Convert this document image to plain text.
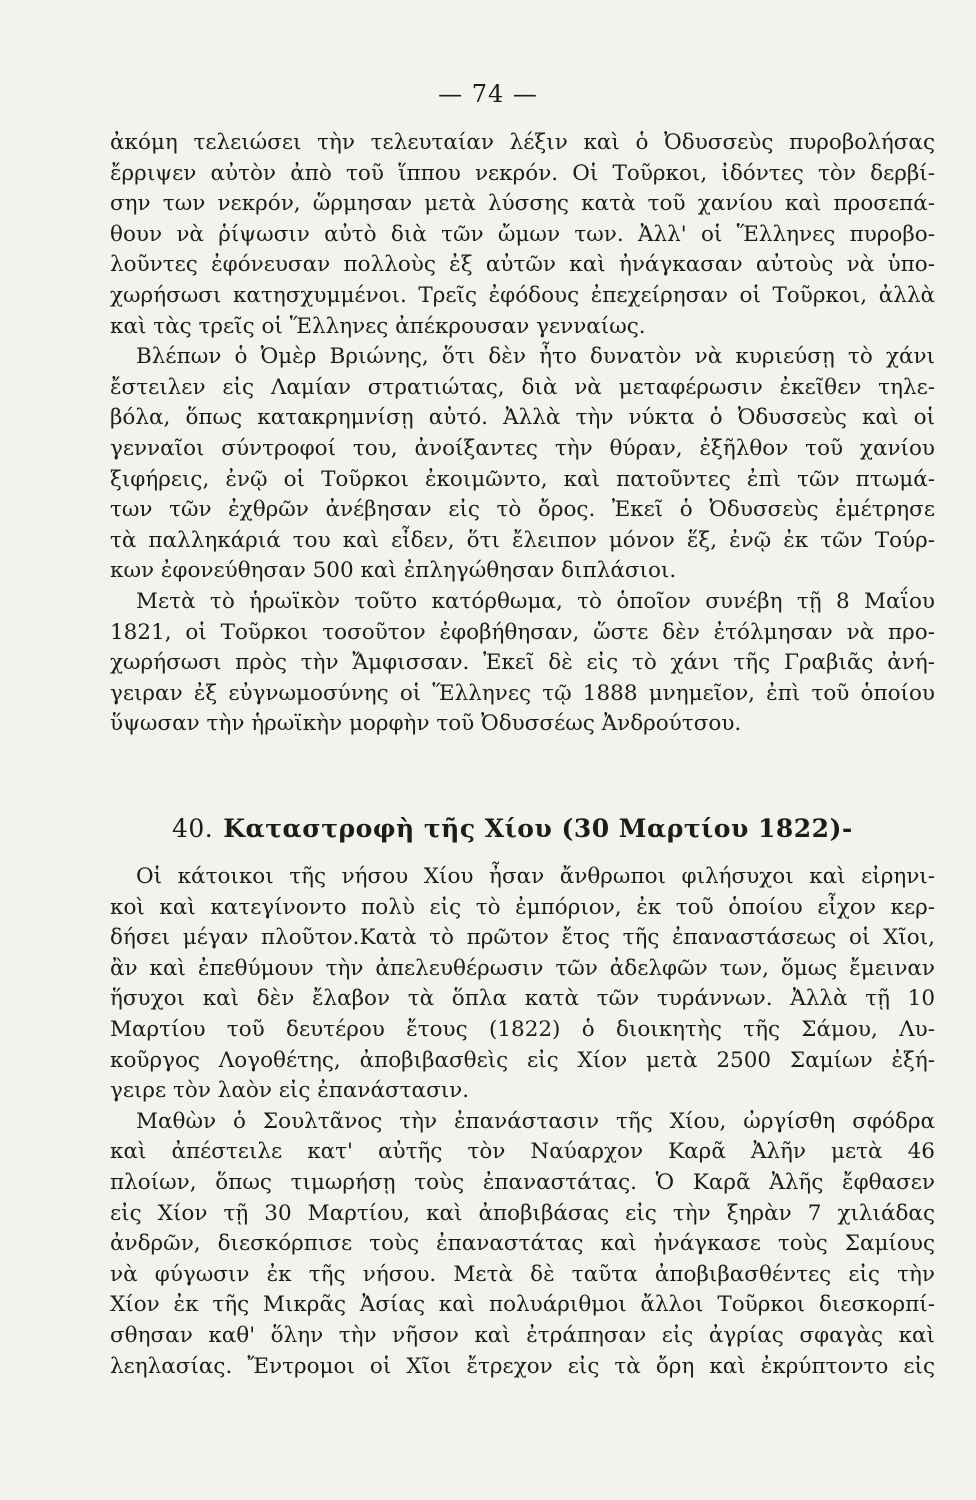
— 74 —
ἀκόμη τελειώσει τὴν τελευταίαν λέξιν καὶ ὁ Ὀδυσσεὺς πυροβολήσας
ἔρριψεν αὐτὸν ἀπὸ τοῦ ἵππου νεκρόν. Οἱ Τοῦρκοι, ἰδόντες τὸν δερβί-
σην των νεκρόν, ὥρμησαν μετὰ λύσσης κατὰ τοῦ χανίου καὶ προσεπά-
θουν νὰ ῥίψωσιν αὐτὸ διὰ τῶν ὤμων των. Ἀλλ' οἱ Ἕλληνες πυροβο-
λοῦντες ἐφόνευσαν πολλοὺς ἐξ αὐτῶν καὶ ἠνάγκασαν αὐτοὺς νὰ ὑπο-
χωρήσωσι κατησχυμμένοι. Τρεῖς ἐφόδους ἐπεχείρησαν οἱ Τοῦρκοι, ἀλλὰ
καὶ τὰς τρεῖς οἱ Ἕλληνες ἀπέκρουσαν γενναίως.
Βλέπων ὁ Ὀμὲρ Βριώνης, ὅτι δὲν ἦτο δυνατὸν νὰ κυριεύσῃ τὸ χάνι
ἔστειλεν εἰς Λαμίαν στρατιώτας, διὰ νὰ μεταφέρωσιν ἐκεῖθεν τηλε-
βόλα, ὅπως κατακρημνίσῃ αὐτό. Ἀλλὰ τὴν νύκτα ὁ Ὀδυσσεὺς καὶ οἱ
γενναῖοι σύντροφοί του, ἀνοίξαντες τὴν θύραν, ἐξῆλθον τοῦ χανίου
ξιφήρεις, ἐνῷ οἱ Τοῦρκοι ἐκοιμῶντο, καὶ πατοῦντες ἐπὶ τῶν πτωμά-
των τῶν ἐχθρῶν ἀνέβησαν εἰς τὸ ὄρος. Ἐκεῖ ὁ Ὀδυσσεὺς ἐμέτρησε
τὰ παλληκάριά του καὶ εἶδεν, ὅτι ἔλειπον μόνον ἕξ, ἐνῷ ἐκ τῶν Τούρ-
κων ἐφονεύθησαν 500 καὶ ἐπληγώθησαν διπλάσιοι.
Μετὰ τὸ ἡρωϊκὸν τοῦτο κατόρθωμα, τὸ ὁποῖον συνέβη τῇ 8 Μαΐου
1821, οἱ Τοῦρκοι τοσοῦτον ἐφοβήθησαν, ὥστε δὲν ἐτόλμησαν νὰ προ-
χωρήσωσι πρὸς τὴν Ἄμφισσαν. Ἐκεῖ δὲ εἰς τὸ χάνι τῆς Γραβιᾶς ἀνή-
γειραν ἐξ εὐγνωμοσύνης οἱ Ἕλληνες τῷ 1888 μνημεῖον, ἐπὶ τοῦ ὁποίου
ὕψωσαν τὴν ἡρωϊκὴν μορφὴν τοῦ Ὀδυσσέως Ἀνδρούτσου.
40. Καταστροφὴ τῆς Χίου (30 Μαρτίου 1822)-
Οἱ κάτοικοι τῆς νήσου Χίου ἦσαν ἄνθρωποι φιλήσυχοι καὶ εἰρηνι-
κοὶ καὶ κατεγίνοντο πολὺ εἰς τὸ ἐμπόριον, ἐκ τοῦ ὁποίου εἶχον κερ-
δήσει μέγαν πλοῦτον.Κατὰ τὸ πρῶτον ἔτος τῆς ἐπαναστάσεως οἱ Χῖοι,
ἂν καὶ ἐπεθύμουν τὴν ἀπελευθέρωσιν τῶν ἀδελφῶν των, ὅμως ἔμειναν
ἥσυχοι καὶ δὲν ἔλαβον τὰ ὅπλα κατὰ τῶν τυράννων. Ἀλλὰ τῇ 10
Μαρτίου τοῦ δευτέρου ἔτους (1822) ὁ διοικητὴς τῆς Σάμου, Λυ-
κοῦργος Λογοθέτης, ἀποβιβασθεὶς εἰς Χίον μετὰ 2500 Σαμίων ἐξή-
γειρε τὸν λαὸν εἰς ἐπανάστασιν.
Μαθὼν ὁ Σουλτᾶνος τὴν ἐπανάστασιν τῆς Χίου, ὠργίσθη σφόδρα
καὶ ἀπέστειλε κατ' αὐτῆς τὸν Ναύαρχον Καρᾶ Ἀλῆν μετὰ 46
πλοίων, ὅπως τιμωρήσῃ τοὺς ἐπαναστάτας. Ὁ Καρᾶ Ἀλῆς ἔφθασεν
εἰς Χίον τῇ 30 Μαρτίου, καὶ ἀποβιβάσας εἰς τὴν ξηρὰν 7 χιλιάδας
ἀνδρῶν, διεσκόρπισε τοὺς ἐπαναστάτας καὶ ἠνάγκασε τοὺς Σαμίους
νὰ φύγωσιν ἐκ τῆς νήσου. Μετὰ δὲ ταῦτα ἀποβιβασθέντες εἰς τὴν
Χίον ἐκ τῆς Μικρᾶς Ἀσίας καὶ πολυάριθμοι ἄλλοι Τοῦρκοι διεσκορπί-
σθησαν καθ' ὅλην τὴν νῆσον καὶ ἐτράπησαν εἰς ἀγρίας σφαγὰς καὶ
λεηλασίας. Ἔντρομοι οἱ Χῖοι ἔτρεχον εἰς τὰ ὄρη καὶ ἐκρύπτοντο εἰς
